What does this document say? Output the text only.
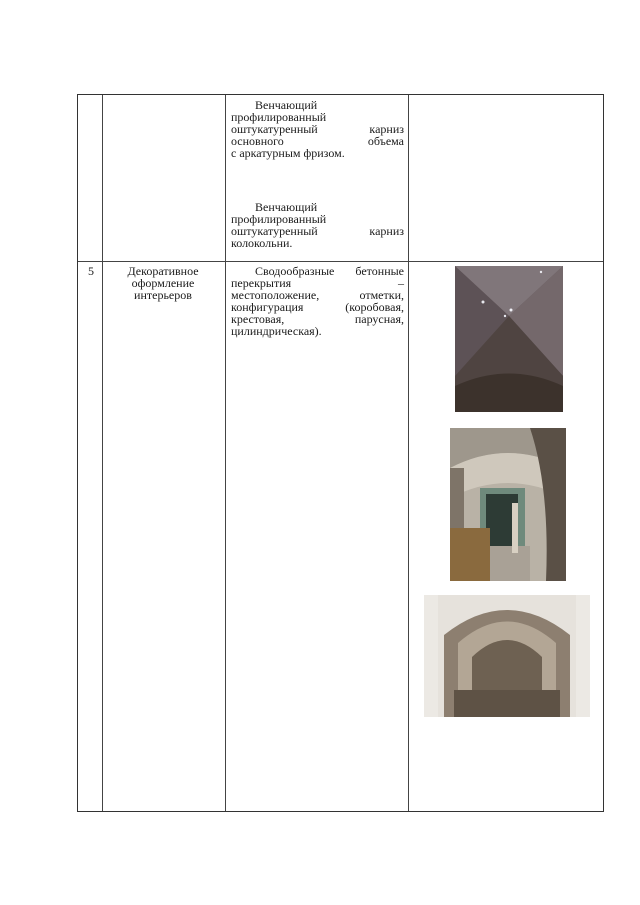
Венчающий
профилированный
оштукатуренный карниз
основного объема
с аркатурным фризом.
Венчающий
профилированный
оштукатуренный карниз
колокольни.
5	Декоративное
оформление
интерьеров
Сводообразные бетонные
перекрытия –
местоположение, отметки,
конфигурация (коробовая,
крестовая, парусная,
цилиндрическая).
